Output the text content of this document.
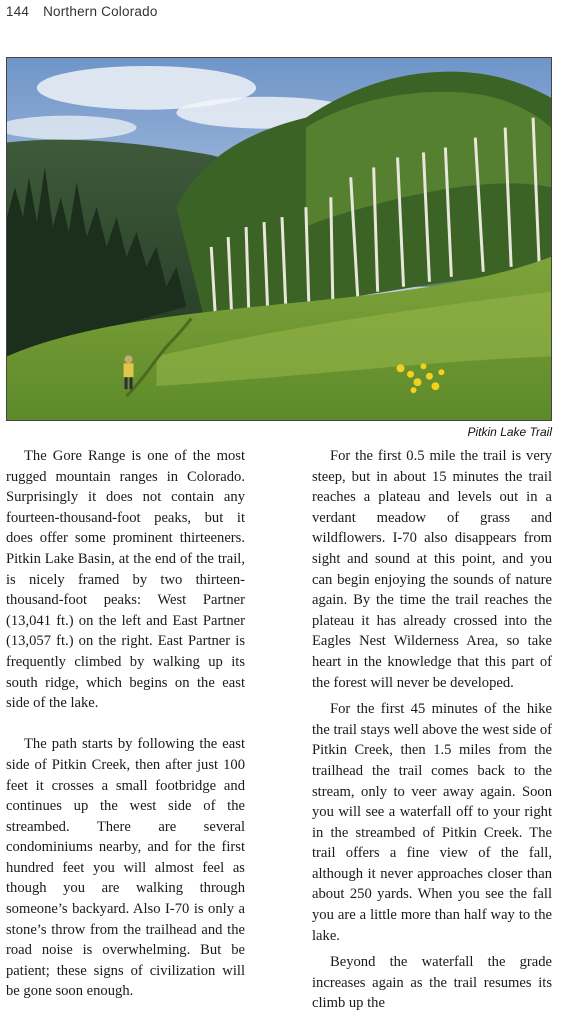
144 Northern Colorado
Pitkin Lake Trail

The Gore Range is one of the most rugged mountain ranges in Colorado. Surprisingly it does not contain any fourteen-thousand-foot peaks, but it does offer some prominent thirteeners. Pitkin Lake Basin, at the end of the trail, is nicely framed by two thirteen-thousand-foot peaks: West Partner (13,041 ft.) on the left and East Partner (13,057 ft.) on the right. East Partner is frequently climbed by walking up its south ridge, which begins on the east side of the lake.

The path starts by following the east side of Pitkin Creek, then after just 100 feet it crosses a small footbridge and continues up the west side of the streambed. There are several condominiums nearby, and for the first hundred feet you will almost feel as though you are walking through someone’s backyard. Also I-70 is only a stone’s throw from the trailhead and the road noise is overwhelming. But be patient; these signs of civilization will be gone soon enough.

For the first 0.5 mile the trail is very steep, but in about 15 minutes the trail reaches a plateau and levels out in a verdant meadow of grass and wildflowers. I-70 also disappears from sight and sound at this point, and you can begin enjoying the sounds of nature again. By the time the trail reaches the plateau it has already crossed into the Eagles Nest Wilderness Area, so take heart in the knowledge that this part of the forest will never be developed.

For the first 45 minutes of the hike the trail stays well above the west side of Pitkin Creek, then 1.5 miles from the trailhead the trail comes back to the stream, only to veer away again. Soon you will see a waterfall off to your right in the streambed of Pitkin Creek. The trail offers a fine view of the fall, although it never approaches closer than about 250 yards. When you see the fall you are a little more than half way to the lake.

Beyond the waterfall the grade increases again as the trail resumes its climb up the
